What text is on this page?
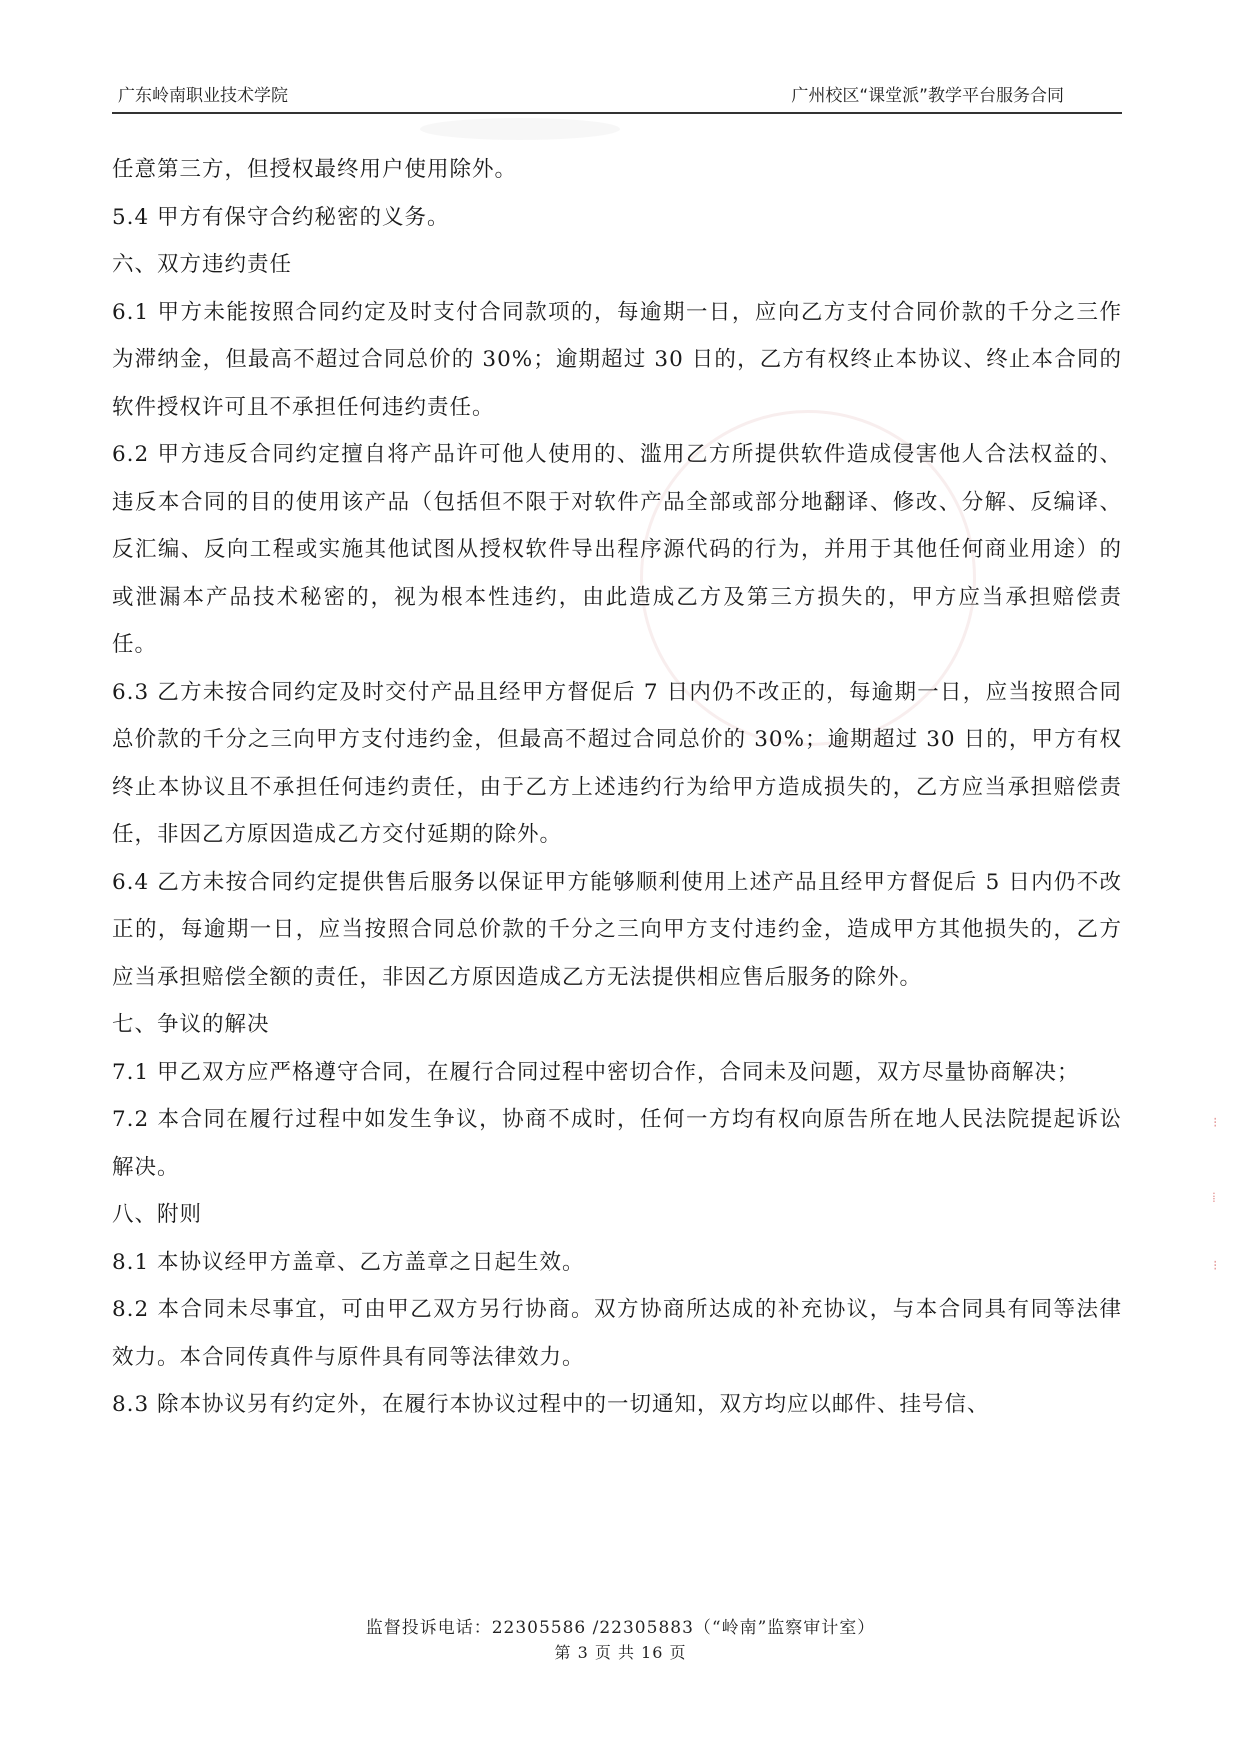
广东岭南职业技术学院	广州校区“课堂派”教学平台服务合同

任意第三方，但授权最终用户使用除外。

5.4 甲方有保守合约秘密的义务。

六、双方违约责任

6.1 甲方未能按照合同约定及时支付合同款项的，每逾期一日，应向乙方支付合同价款的千分之三作为滞纳金，但最高不超过合同总价的 30%；逾期超过 30 日的，乙方有权终止本协议、终止本合同的软件授权许可且不承担任何违约责任。

6.2 甲方违反合同约定擅自将产品许可他人使用的、滥用乙方所提供软件造成侵害他人合法权益的、违反本合同的目的使用该产品（包括但不限于对软件产品全部或部分地翻译、修改、分解、反编译、反汇编、反向工程或实施其他试图从授权软件导出程序源代码的行为，并用于其他任何商业用途）的或泄漏本产品技术秘密的，视为根本性违约，由此造成乙方及第三方损失的，甲方应当承担赔偿责任。

6.3 乙方未按合同约定及时交付产品且经甲方督促后 7 日内仍不改正的，每逾期一日，应当按照合同总价款的千分之三向甲方支付违约金，但最高不超过合同总价的 30%；逾期超过 30 日的，甲方有权终止本协议且不承担任何违约责任，由于乙方上述违约行为给甲方造成损失的，乙方应当承担赔偿责任，非因乙方原因造成乙方交付延期的除外。

6.4 乙方未按合同约定提供售后服务以保证甲方能够顺利使用上述产品且经甲方督促后 5 日内仍不改正的，每逾期一日，应当按照合同总价款的千分之三向甲方支付违约金，造成甲方其他损失的，乙方应当承担赔偿全额的责任，非因乙方原因造成乙方无法提供相应售后服务的除外。

七、争议的解决

7.1 甲乙双方应严格遵守合同，在履行合同过程中密切合作，合同未及问题，双方尽量协商解决；

7.2 本合同在履行过程中如发生争议，协商不成时，任何一方均有权向原告所在地人民法院提起诉讼解决。

八、附则

8.1 本协议经甲方盖章、乙方盖章之日起生效。

8.2 本合同未尽事宜，可由甲乙双方另行协商。双方协商所达成的补充协议，与本合同具有同等法律效力。本合同传真件与原件具有同等法律效力。

8.3 除本协议另有约定外，在履行本协议过程中的一切通知，双方均应以邮件、挂号信、

监督投诉电话：22305586 /22305883（“岭南”监察审计室）
第 3 页 共 16 页
⁝
⁞
⁝
